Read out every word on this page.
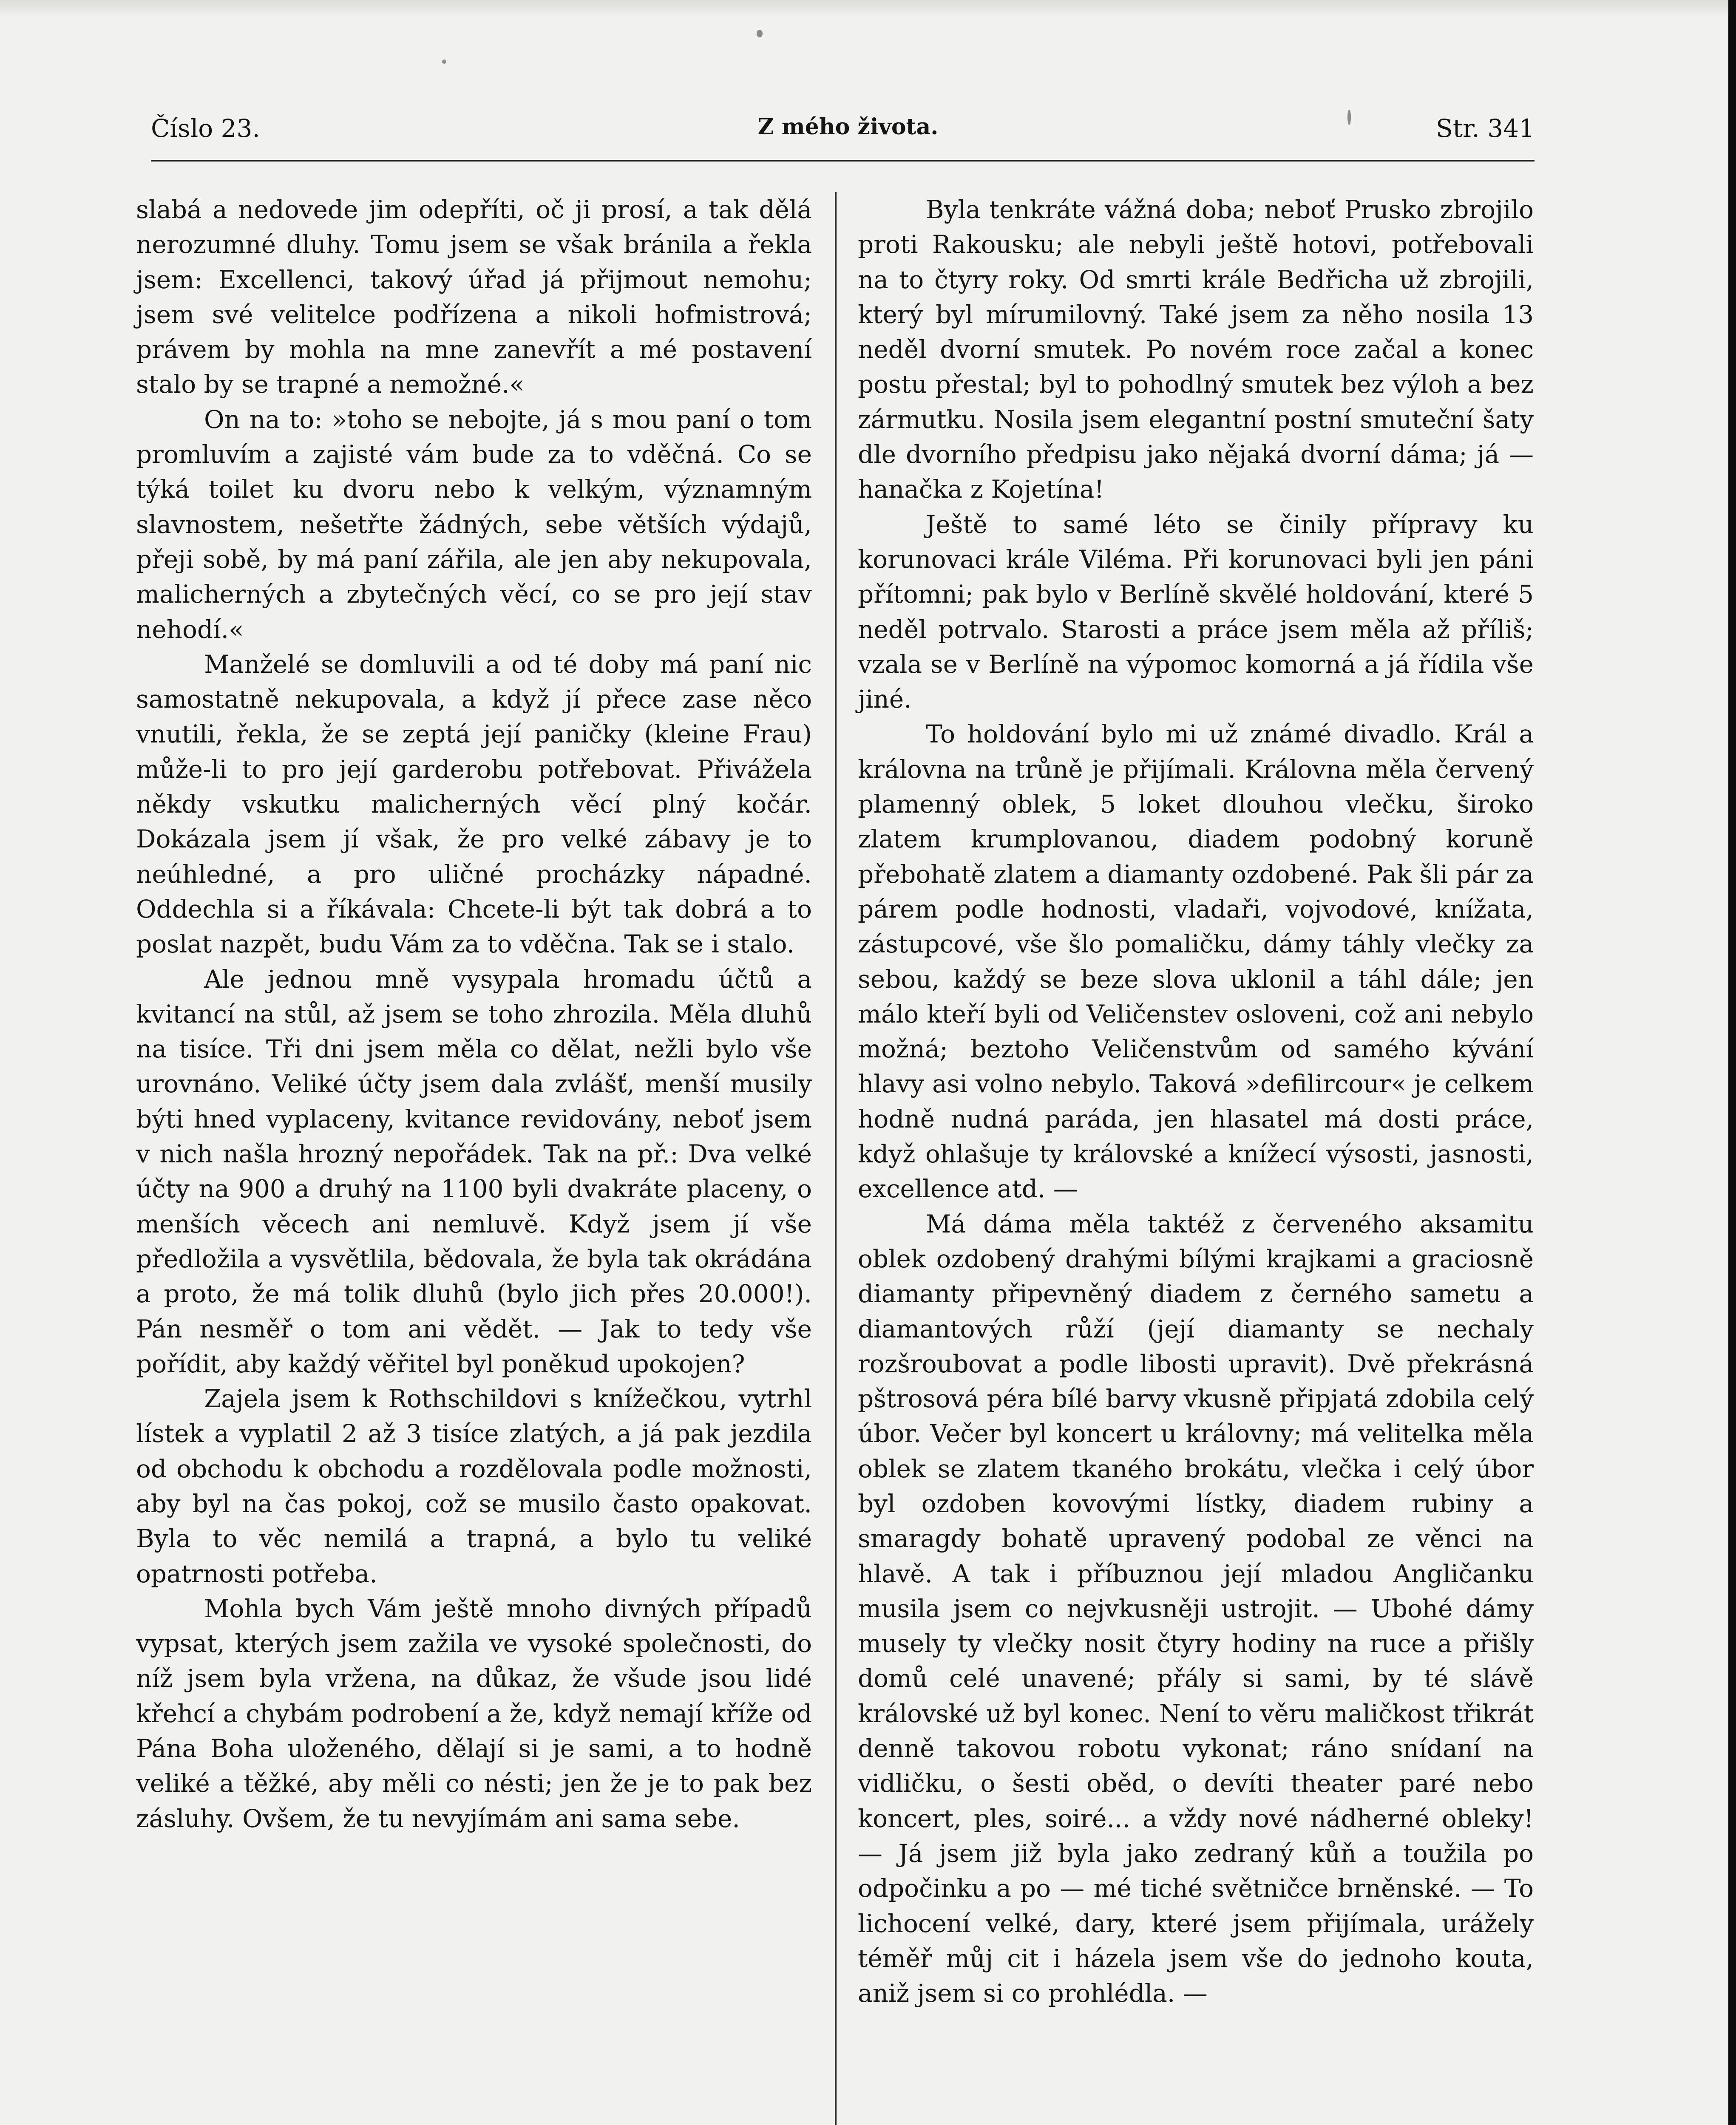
Číslo 23.	Z mého života.	Str. 341

slabá a nedovede jim odepříti, oč ji prosí, a tak dělá nerozumné dluhy. Tomu jsem se však bránila a řekla jsem: Excellenci, takový úřad já přijmout nemohu; jsem své velitelce podřízena a nikoli hofmistrová; právem by mohla na mne zanevřít a mé postavení stalo by se trapné a nemožné.«

On na to: »toho se nebojte, já s mou paní o tom promluvím a zajisté vám bude za to vděčná. Co se týká toilet ku dvoru nebo k velkým, významným slavnostem, nešetřte žádných, sebe větších výdajů, přeji sobě, by má paní zářila, ale jen aby nekupovala, malicherných a zbytečných věcí, co se pro její stav nehodí.«

Manželé se domluvili a od té doby má paní nic samostatně nekupovala, a když jí přece zase něco vnutili, řekla, že se zeptá její paničky (kleine Frau) může-li to pro její garderobu potřebovat. Přivážela někdy vskutku malicherných věcí plný kočár. Dokázala jsem jí však, že pro velké zábavy je to neúhledné, a pro uličné procházky nápadné. Oddechla si a říkávala: Chcete-li být tak dobrá a to poslat nazpět, budu Vám za to vděčna. Tak se i stalo.

Ale jednou mně vysypala hromadu účtů a kvitancí na stůl, až jsem se toho zhrozila. Měla dluhů na tisíce. Tři dni jsem měla co dělat, nežli bylo vše urovnáno. Veliké účty jsem dala zvlášť, menší musily býti hned vyplaceny, kvitance revidovány, neboť jsem v nich našla hrozný nepořádek. Tak na př.: Dva velké účty na 900 a druhý na 1100 byli dvakráte placeny, o menších věcech ani nemluvě. Když jsem jí vše předložila a vysvětlila, bědovala, že byla tak okrádána a proto, že má tolik dluhů (bylo jich přes 20.000!). Pán nesměř o tom ani vědět. — Jak to tedy vše pořídit, aby každý věřitel byl poněkud upokojen?

Zajela jsem k Rothschildovi s knížečkou, vytrhl lístek a vyplatil 2 až 3 tisíce zlatých, a já pak jezdila od obchodu k obchodu a rozdělovala podle možnosti, aby byl na čas pokoj, což se musilo často opakovat. Byla to věc nemilá a trapná, a bylo tu veliké opatrnosti potřeba.

Mohla bych Vám ještě mnoho divných případů vypsat, kterých jsem zažila ve vysoké společnosti, do níž jsem byla vržena, na důkaz, že všude jsou lidé křehcí a chybám podrobení a že, když nemají kříže od Pána Boha uloženého, dělají si je sami, a to hodně veliké a těžké, aby měli co nésti; jen že je to pak bez zásluhy. Ovšem, že tu nevyjímám ani sama sebe.

Byla tenkráte vážná doba; neboť Prusko zbrojilo proti Rakousku; ale nebyli ještě hotovi, potřebovali na to čtyry roky. Od smrti krále Bedřicha už zbrojili, který byl mírumilovný. Také jsem za něho nosila 13 neděl dvorní smutek. Po novém roce začal a konec postu přestal; byl to pohodlný smutek bez výloh a bez zármutku. Nosila jsem elegantní postní smuteční šaty dle dvorního předpisu jako nějaká dvorní dáma; já — hanačka z Kojetína!

Ještě to samé léto se činily přípravy ku korunovaci krále Viléma. Při korunovaci byli jen páni přítomni; pak bylo v Berlíně skvělé holdování, které 5 neděl potrvalo. Starosti a práce jsem měla až příliš; vzala se v Berlíně na výpomoc komorná a já řídila vše jiné.

To holdování bylo mi už známé divadlo. Král a královna na trůně je přijímali. Královna měla červený plamenný oblek, 5 loket dlouhou vlečku, široko zlatem krumplovanou, diadem podobný koruně přebohatě zlatem a diamanty ozdobené. Pak šli pár za párem podle hodnosti, vladaři, vojvodové, knížata, zástupcové, vše šlo pomaličku, dámy táhly vlečky za sebou, každý se beze slova uklonil a táhl dále; jen málo kteří byli od Veličenstev osloveni, což ani nebylo možná; beztoho Veličenstvům od samého kývání hlavy asi volno nebylo. Taková »defilircour« je celkem hodně nudná paráda, jen hlasatel má dosti práce, když ohlašuje ty královské a knížecí výsosti, jasnosti, excellence atd. —

Má dáma měla taktéž z červeného aksamitu oblek ozdobený drahými bílými krajkami a graciosně diamanty připevněný diadem z černého sametu a diamantových růží (její diamanty se nechaly rozšroubovat a podle libosti upravit). Dvě překrásná pštrosová péra bílé barvy vkusně připjatá zdobila celý úbor. Večer byl koncert u královny; má velitelka měla oblek se zlatem tkaného brokátu, vlečka i celý úbor byl ozdoben kovovými lístky, diadem rubiny a smaragdy bohatě upravený podobal ze věnci na hlavě. A tak i příbuznou její mladou Angličanku musila jsem co nejvkusněji ustrojit. — Ubohé dámy musely ty vlečky nosit čtyry hodiny na ruce a přišly domů celé unavené; přály si sami, by té slávě královské už byl konec. Není to věru maličkost třikrát denně takovou robotu vykonat; ráno snídaní na vidličku, o šesti oběd, o devíti theater paré nebo koncert, ples, soiré... a vždy nové nádherné obleky! — Já jsem již byla jako zedraný kůň a toužila po odpočinku a po — mé tiché světničce brněnské. — To lichocení velké, dary, které jsem přijímala, urážely téměř můj cit i házela jsem vše do jednoho kouta, aniž jsem si co prohlédla. —
